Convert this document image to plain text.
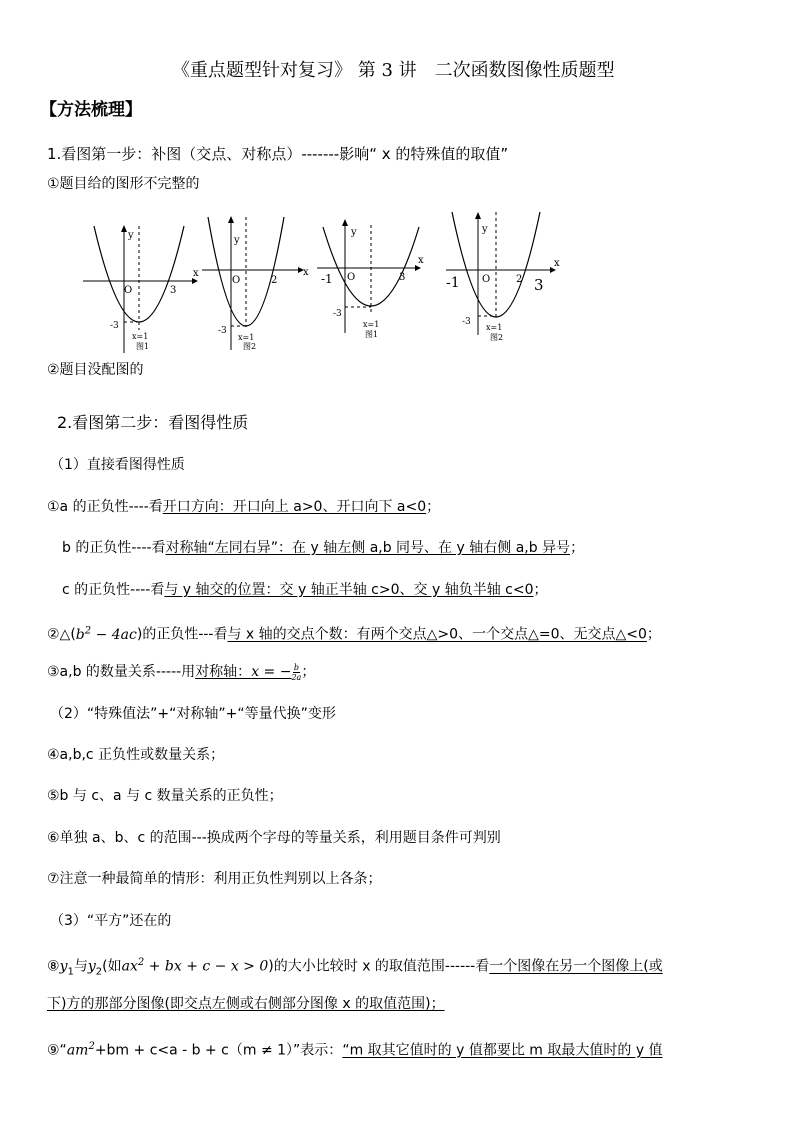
《重点题型针对复习》 第 3 讲　二次函数图像性质题型
【方法梳理】
1.看图第一步：补图（交点、对称点）-------影响“ x 的特殊值的取值”
①题目给的图形不完整的
y
x
O	3
-3
x=1
图1
y
x
O	2
-3
x=1
图2
y
x
O
-1	3
-3
x=1
图1
y
x
O
-1	2 3
-3
x=1
图2
②题目没配图的
2.看图第二步：看图得性质
（1）直接看图得性质
①a 的正负性----看开口方向：开口向上 a>0、开口向下 a<0；
b 的正负性----看对称轴“左同右异”：在 y 轴左侧 a,b 同号、在 y 轴右侧 a,b 异号；
c 的正负性----看与 y 轴交的位置：交 y 轴正半轴 c>0、交 y 轴负半轴 c<0；
$②\triangle(b^2 - 4ac)$的正负性---看与 x 轴的交点个数：有两个交点△>0、一个交点△=0、无交点△<0；
③a,b 的数量关系-----用对称轴：x = − $\frac{b}{2a}$ ；
（2）“特殊值法”+“对称轴”+“等量代换”变形
④a,b,c 正负性或数量关系；
⑤b 与 c、a 与 c 数量关系的正负性；
⑥单独 a、b、c 的范围---换成两个字母的等量关系，利用题目条件可判别
⑦注意一种最简单的情形：利用正负性判别以上各条；
（3）“平方”还在的
$⑧y_1$与$y_2$(如$ax^2$ + bx + c − x > 0)的大小比较时 x 的取值范围------看一个图像在另一个图像上(或
下)方的那部分图像(即交点左侧或右侧部分图像 x 的取值范围)；
$⑨“am^2+bm + c<a - b + c(m \ne 1)$”表示：“m 取其它值时的 y 值都要比 m 取最大值时的 y 值
